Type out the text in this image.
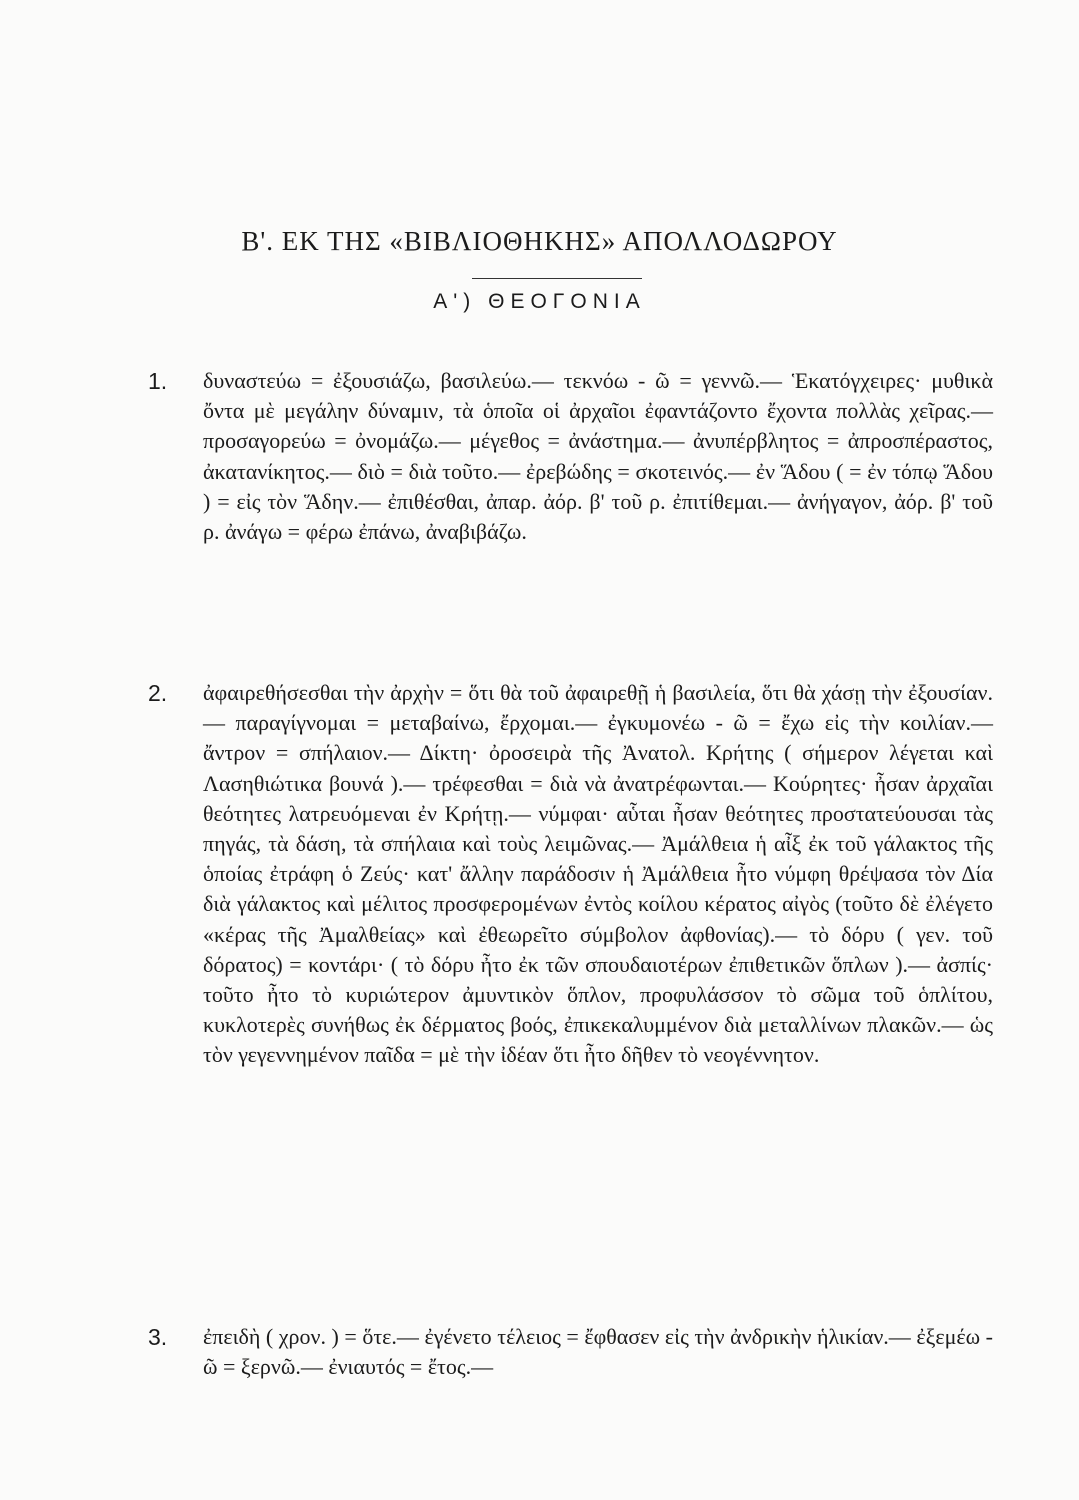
Β'. ΕΚ ΤΗΣ «ΒΙΒΛΙΟΘΗΚΗΣ» ΑΠΟΛΛΟΔΩΡΟΥ
Α') ΘΕΟΓΟΝΙΑ
1. δυναστεύω = ἐξουσιάζω, βασιλεύω.— τεκνόω - ῶ = γεννῶ.— Ἑκατόγχειρες· μυθικὰ ὄντα μὲ μεγάλην δύναμιν, τὰ ὁποῖα οἱ ἀρχαῖοι ἐφαντάζοντο ἔχοντα πολλὰς χεῖρας.— προσαγορεύω = ὀνομάζω.— μέγεθος = ἀνάστημα.— ἀνυπέρβλητος = ἀπροσπέραστος, ἀκατανίκητος.— διὸ = διὰ τοῦτο.— ἐρεβώδης = σκοτεινός.— ἐν Ἅδου ( = ἐν τόπῳ Ἅδου ) = εἰς τὸν Ἅδην.— ἐπιθέσθαι, ἀπαρ. ἀόρ. β' τοῦ ρ. ἐπιτίθεμαι.— ἀνήγαγον, ἀόρ. β' τοῦ ρ. ἀνάγω = φέρω ἐπάνω, ἀναβιβάζω.
2. ἀφαιρεθήσεσθαι τὴν ἀρχὴν = ὅτι θὰ τοῦ ἀφαιρεθῇ ἡ βασιλεία, ὅτι θὰ χάσῃ τὴν ἐξουσίαν.— παραγίγνομαι = μεταβαίνω, ἔρχομαι.— ἐγκυμονέω - ῶ = ἔχω εἰς τὴν κοιλίαν.— ἄντρον = σπήλαιον.— Δίκτη· ὀροσειρὰ τῆς Ἀνατολ. Κρήτης ( σήμερον λέγεται καὶ Λασηθιώτικα βουνά ).— τρέφεσθαι = διὰ νὰ ἀνατρέφωνται.— Κούρητες· ἦσαν ἀρχαῖαι θεότητες λατρευόμεναι ἐν Κρήτῃ.— νύμφαι· αὗται ἦσαν θεότητες προστατεύουσαι τὰς πηγάς, τὰ δάση, τὰ σπήλαια καὶ τοὺς λειμῶνας.— Ἀμάλθεια ἡ αἶξ ἐκ τοῦ γάλακτος τῆς ὁποίας ἐτράφη ὁ Ζεύς· κατ' ἄλλην παράδοσιν ἡ Ἀμάλθεια ἦτο νύμφη θρέψασα τὸν Δία διὰ γάλακτος καὶ μέλιτος προσφερομένων ἐντὸς κοίλου κέρατος αἰγὸς (τοῦτο δὲ ἐλέγετο «κέρας τῆς Ἀμαλθείας» καὶ ἐθεωρεῖτο σύμβολον ἀφθονίας).— τὸ δόρυ ( γεν. τοῦ δόρατος) = κοντάρι· ( τὸ δόρυ ἦτο ἐκ τῶν σπουδαιοτέρων ἐπιθετικῶν ὅπλων ).— ἀσπίς· τοῦτο ἦτο τὸ κυριώτερον ἀμυντικὸν ὅπλον, προφυλάσσον τὸ σῶμα τοῦ ὁπλίτου, κυκλοτερὲς συνήθως ἐκ δέρματος βοός, ἐπικεκαλυμμένον διὰ μεταλλίνων πλακῶν.— ὡς τὸν γεγεννημένον παῖδα = μὲ τὴν ἰδέαν ὅτι ἦτο δῆθεν τὸ νεογέννητον.
3. ἐπειδὴ ( χρον. ) = ὅτε.— ἐγένετο τέλειος = ἔφθασεν εἰς τὴν ἀνδρικὴν ἡλικίαν.— ἐξεμέω - ῶ = ξερνῶ.— ἐνιαυτός = ἔτος.—
